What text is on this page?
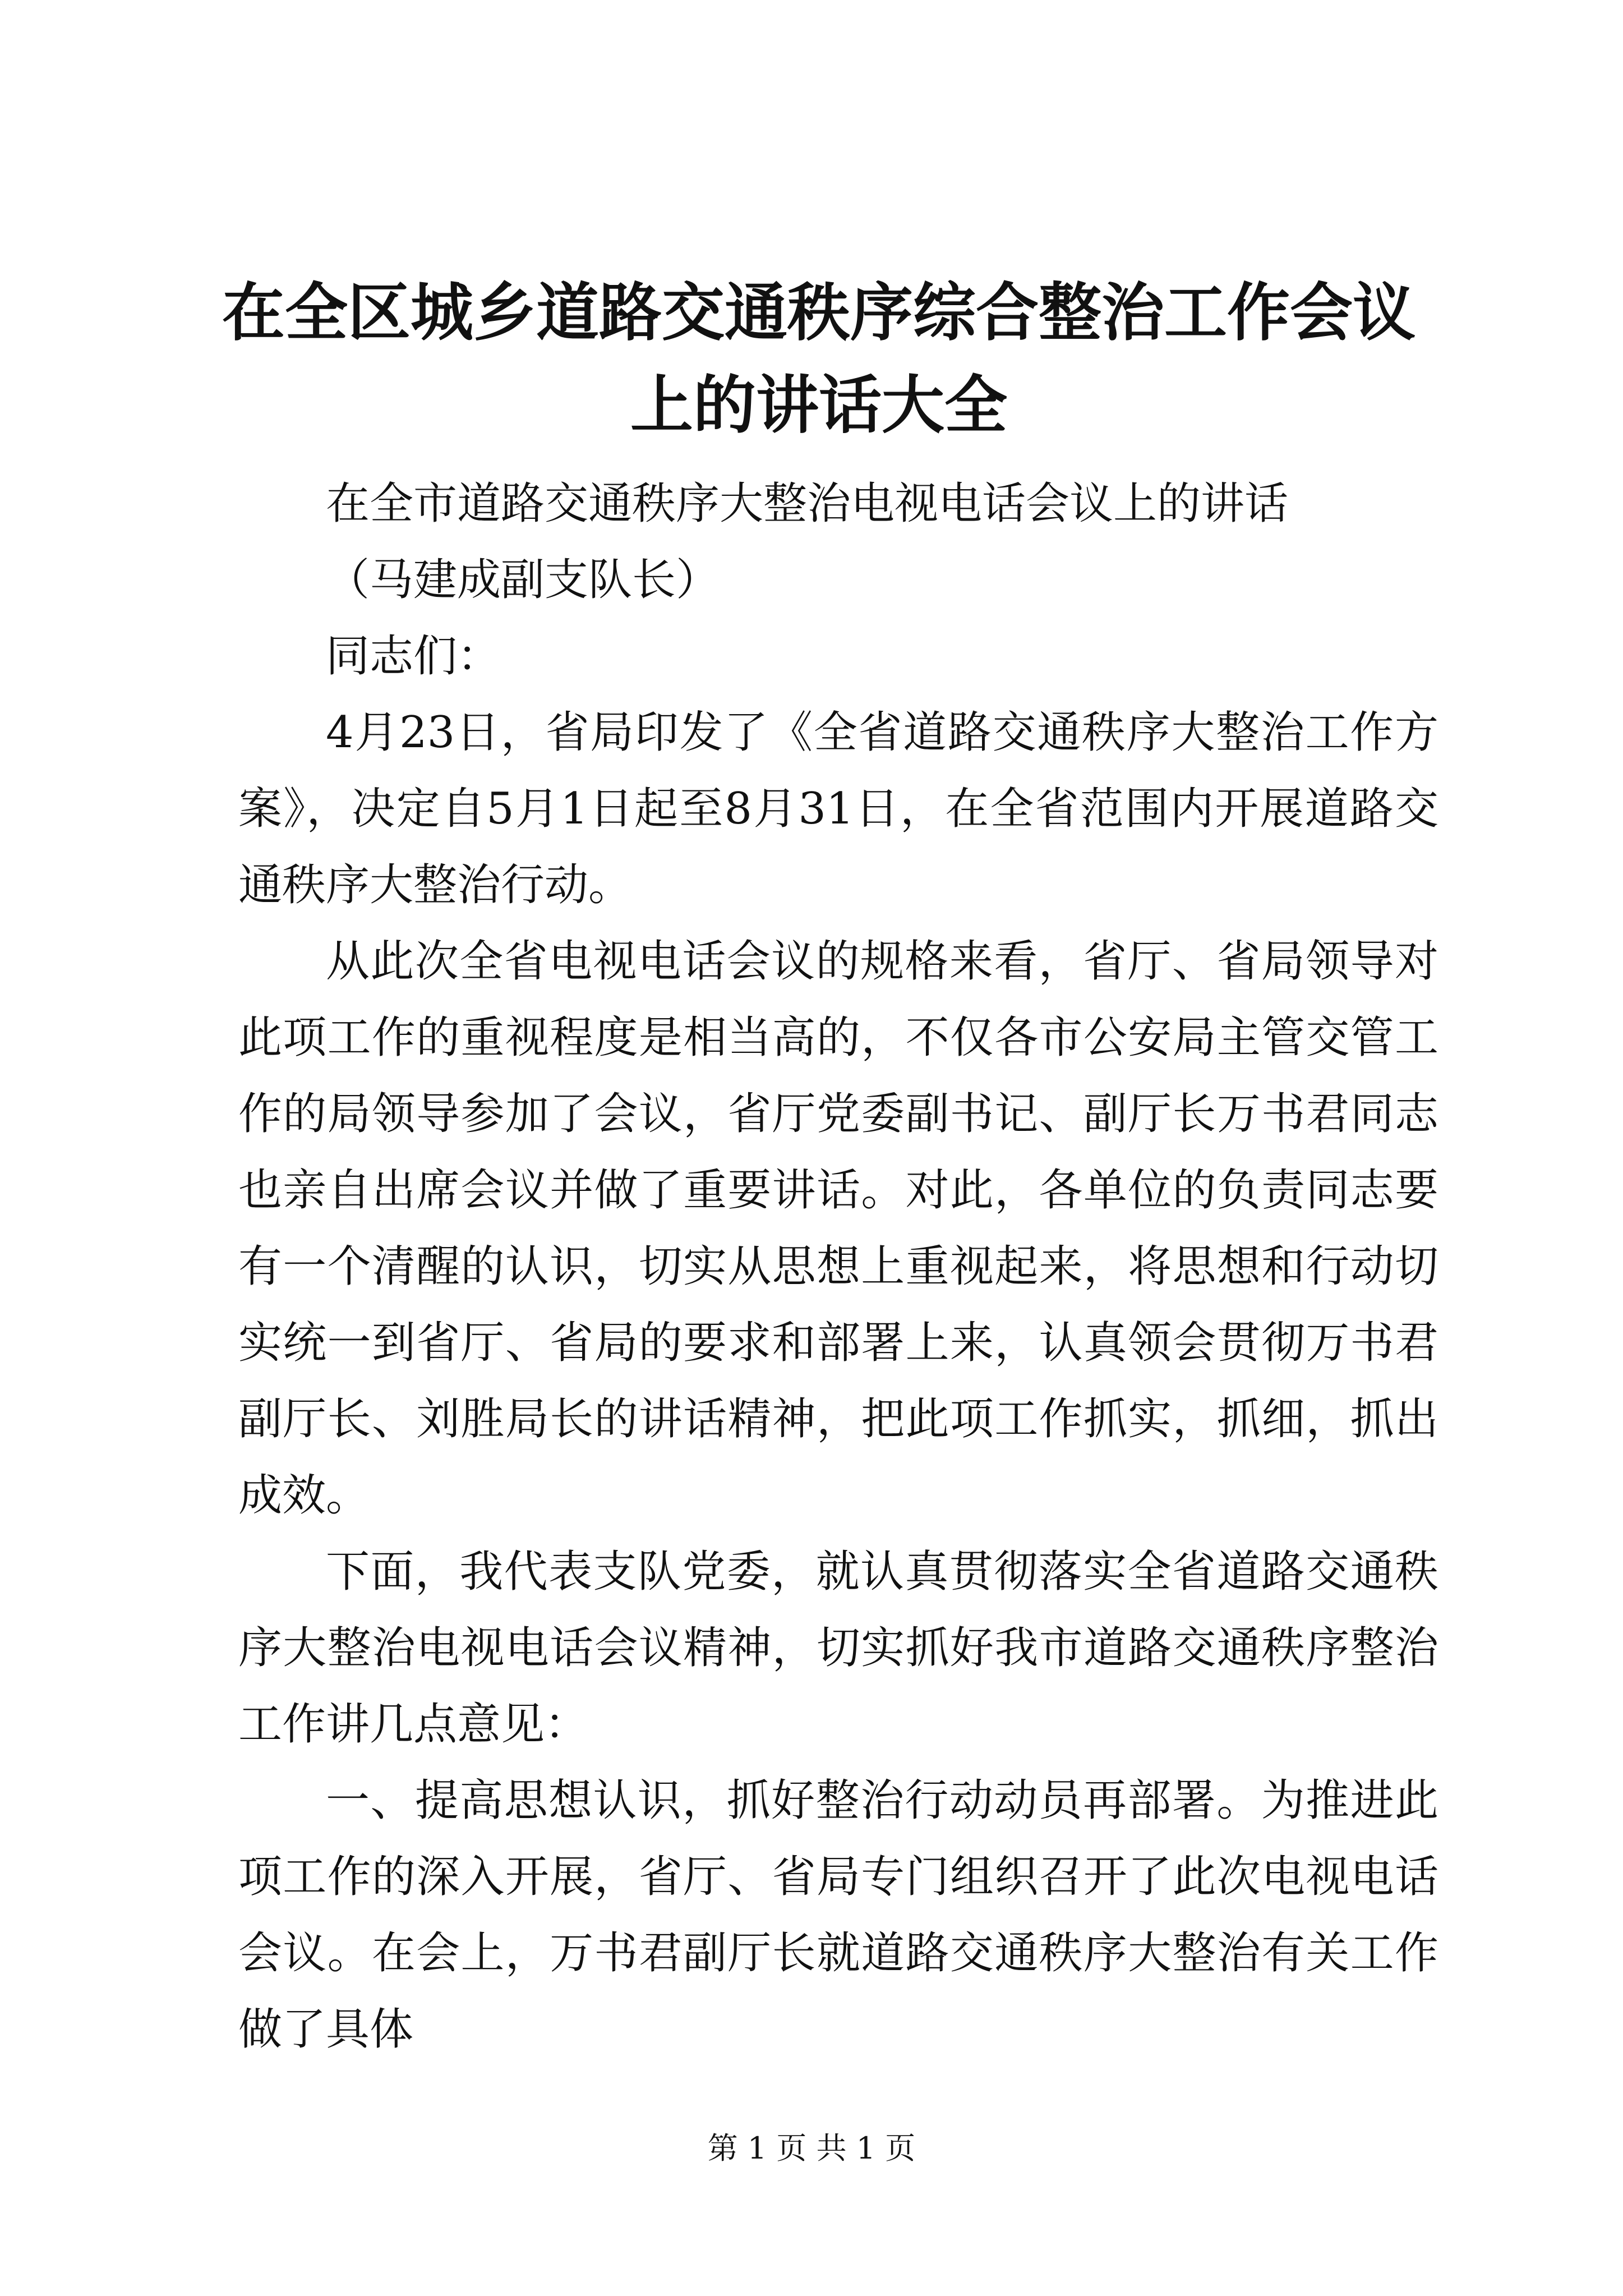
在全区城乡道路交通秩序综合整治工作会议上的讲话大全

在全市道路交通秩序大整治电视电话会议上的讲话

（马建成副支队长）

同志们：

4月23日，省局印发了《全省道路交通秩序大整治工作方案》，决定自5月1日起至8月31日，在全省范围内开展道路交通秩序大整治行动。

从此次全省电视电话会议的规格来看，省厅、省局领导对此项工作的重视程度是相当高的，不仅各市公安局主管交管工作的局领导参加了会议，省厅党委副书记、副厅长万书君同志也亲自出席会议并做了重要讲话。对此，各单位的负责同志要有一个清醒的认识，切实从思想上重视起来，将思想和行动切实统一到省厅、省局的要求和部署上来，认真领会贯彻万书君副厅长、刘胜局长的讲话精神，把此项工作抓实，抓细，抓出成效。

下面，我代表支队党委，就认真贯彻落实全省道路交通秩序大整治电视电话会议精神，切实抓好我市道路交通秩序整治工作讲几点意见：

一、提高思想认识，抓好整治行动动员再部署。为推进此项工作的深入开展，省厅、省局专门组织召开了此次电视电话会议。在会上，万书君副厅长就道路交通秩序大整治有关工作做了具体

第 1 页 共 1 页
